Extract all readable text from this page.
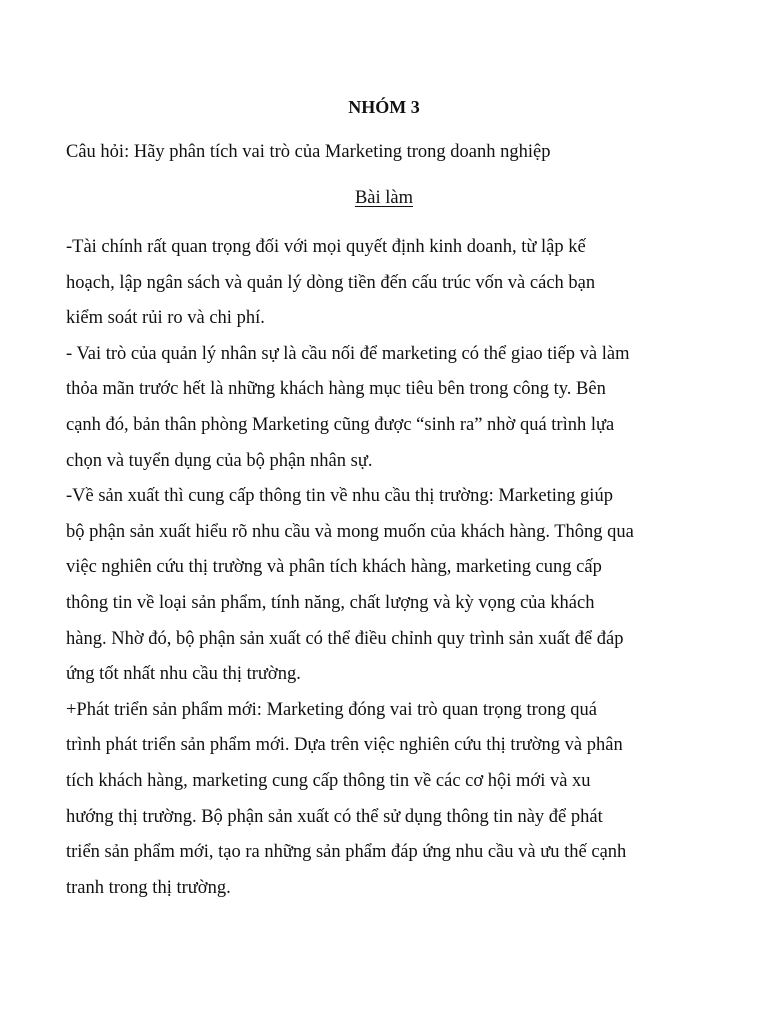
NHÓM 3
Câu hỏi: Hãy phân tích vai trò của Marketing trong doanh nghiệp
Bài làm
-Tài chính rất quan trọng đối với mọi quyết định kinh doanh, từ lập kế
hoạch, lập ngân sách và quản lý dòng tiền đến cấu trúc vốn và cách bạn
kiểm soát rủi ro và chi phí.
- Vai trò của quản lý nhân sự là cầu nối để marketing có thể giao tiếp và làm
thỏa mãn trước hết là những khách hàng mục tiêu bên trong công ty. Bên
cạnh đó, bản thân phòng Marketing cũng được “sinh ra” nhờ quá trình lựa
chọn và tuyển dụng của bộ phận nhân sự.
-Về sản xuất thì cung cấp thông tin về nhu cầu thị trường: Marketing giúp
bộ phận sản xuất hiểu rõ nhu cầu và mong muốn của khách hàng. Thông qua
việc nghiên cứu thị trường và phân tích khách hàng, marketing cung cấp
thông tin về loại sản phẩm, tính năng, chất lượng và kỳ vọng của khách
hàng. Nhờ đó, bộ phận sản xuất có thể điều chỉnh quy trình sản xuất để đáp
ứng tốt nhất nhu cầu thị trường.
+Phát triển sản phẩm mới: Marketing đóng vai trò quan trọng trong quá
trình phát triển sản phẩm mới. Dựa trên việc nghiên cứu thị trường và phân
tích khách hàng, marketing cung cấp thông tin về các cơ hội mới và xu
hướng thị trường. Bộ phận sản xuất có thể sử dụng thông tin này để phát
triển sản phẩm mới, tạo ra những sản phẩm đáp ứng nhu cầu và ưu thế cạnh
tranh trong thị trường.
